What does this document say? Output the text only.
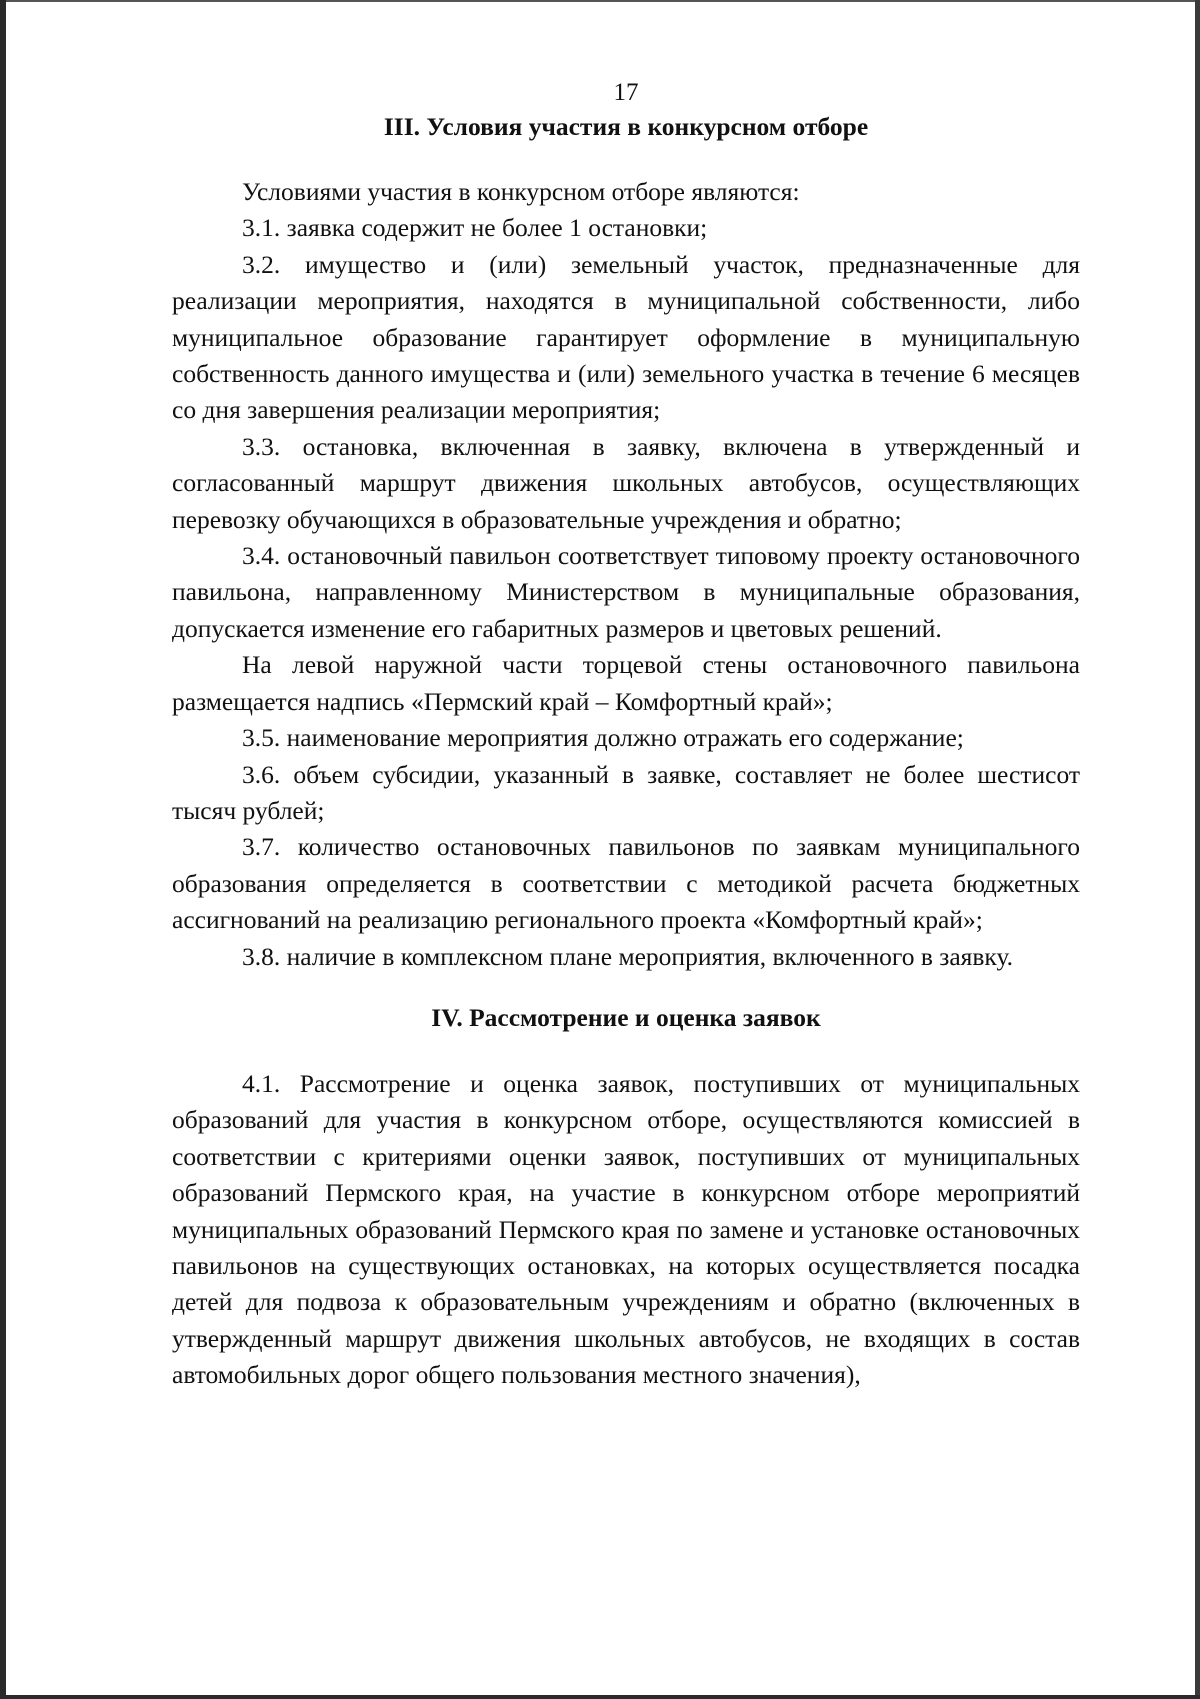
17
III. Условия участия в конкурсном отборе

Условиями участия в конкурсном отборе являются:

3.1. заявка содержит не более 1 остановки;

3.2. имущество и (или) земельный участок, предназначенные для реализации мероприятия, находятся в муниципальной собственности, либо муниципальное образование гарантирует оформление в муниципальную собственность данного имущества и (или) земельного участка в течение 6 месяцев со дня завершения реализации мероприятия;

3.3. остановка, включенная в заявку, включена в утвержденный и согласованный маршрут движения школьных автобусов, осуществляющих перевозку обучающихся в образовательные учреждения и обратно;

3.4. остановочный павильон соответствует типовому проекту остановочного павильона, направленному Министерством в муниципальные образования, допускается изменение его габаритных размеров и цветовых решений.

На левой наружной части торцевой стены остановочного павильона размещается надпись «Пермский край – Комфортный край»;

3.5. наименование мероприятия должно отражать его содержание;

3.6. объем субсидии, указанный в заявке, составляет не более шестисот тысяч рублей;

3.7. количество остановочных павильонов по заявкам муниципального образования определяется в соответствии с методикой расчета бюджетных ассигнований на реализацию регионального проекта «Комфортный край»;

3.8. наличие в комплексном плане мероприятия, включенного в заявку.

IV. Рассмотрение и оценка заявок

4.1. Рассмотрение и оценка заявок, поступивших от муниципальных образований для участия в конкурсном отборе, осуществляются комиссией в соответствии с критериями оценки заявок, поступивших от муниципальных образований Пермского края, на участие в конкурсном отборе мероприятий муниципальных образований Пермского края по замене и установке остановочных павильонов на существующих остановках, на которых осуществляется посадка детей для подвоза к образовательным учреждениям и обратно (включенных в утвержденный маршрут движения школьных автобусов, не входящих в состав автомобильных дорог общего пользования местного значения),
